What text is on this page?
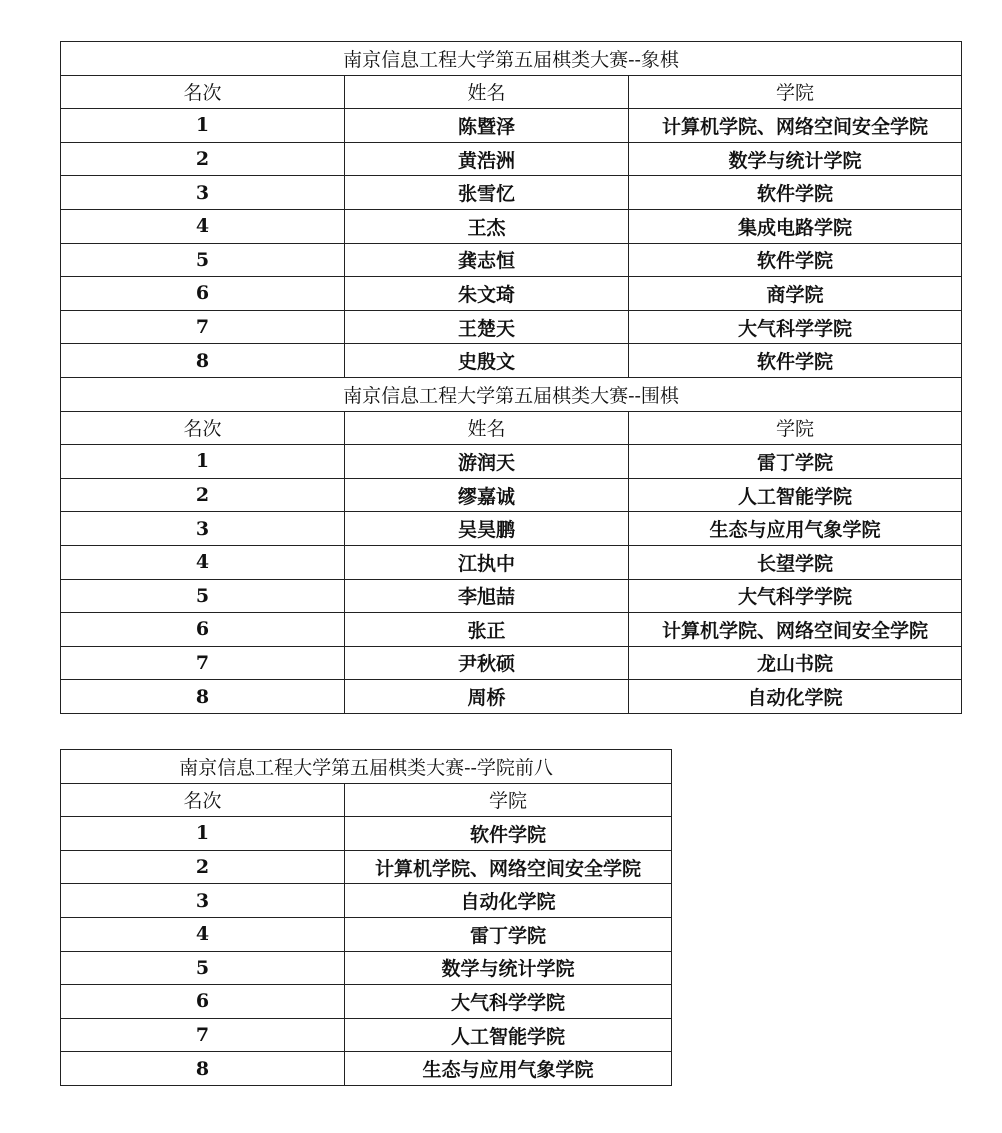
南京信息工程大学第五届棋类大赛--象棋		
名次	姓名	学院
1	陈暨泽	计算机学院、网络空间安全学院
2	黄浩洲	数学与统计学院
3	张雪忆	软件学院
4	王杰	集成电路学院
5	龚志恒	软件学院
6	朱文琦	商学院
7	王楚天	大气科学学院
8	史殷文	软件学院
南京信息工程大学第五届棋类大赛--围棋		
名次	姓名	学院
1	游润天	雷丁学院
2	缪嘉诚	人工智能学院
3	吴昊鹏	生态与应用气象学院
4	江执中	长望学院
5	李旭喆	大气科学学院
6	张正	计算机学院、网络空间安全学院
7	尹秋硕	龙山书院
8	周桥	自动化学院
南京信息工程大学第五届棋类大赛--学院前八	
名次	学院
1	软件学院
2	计算机学院、网络空间安全学院
3	自动化学院
4	雷丁学院
5	数学与统计学院
6	大气科学学院
7	人工智能学院
8	生态与应用气象学院
